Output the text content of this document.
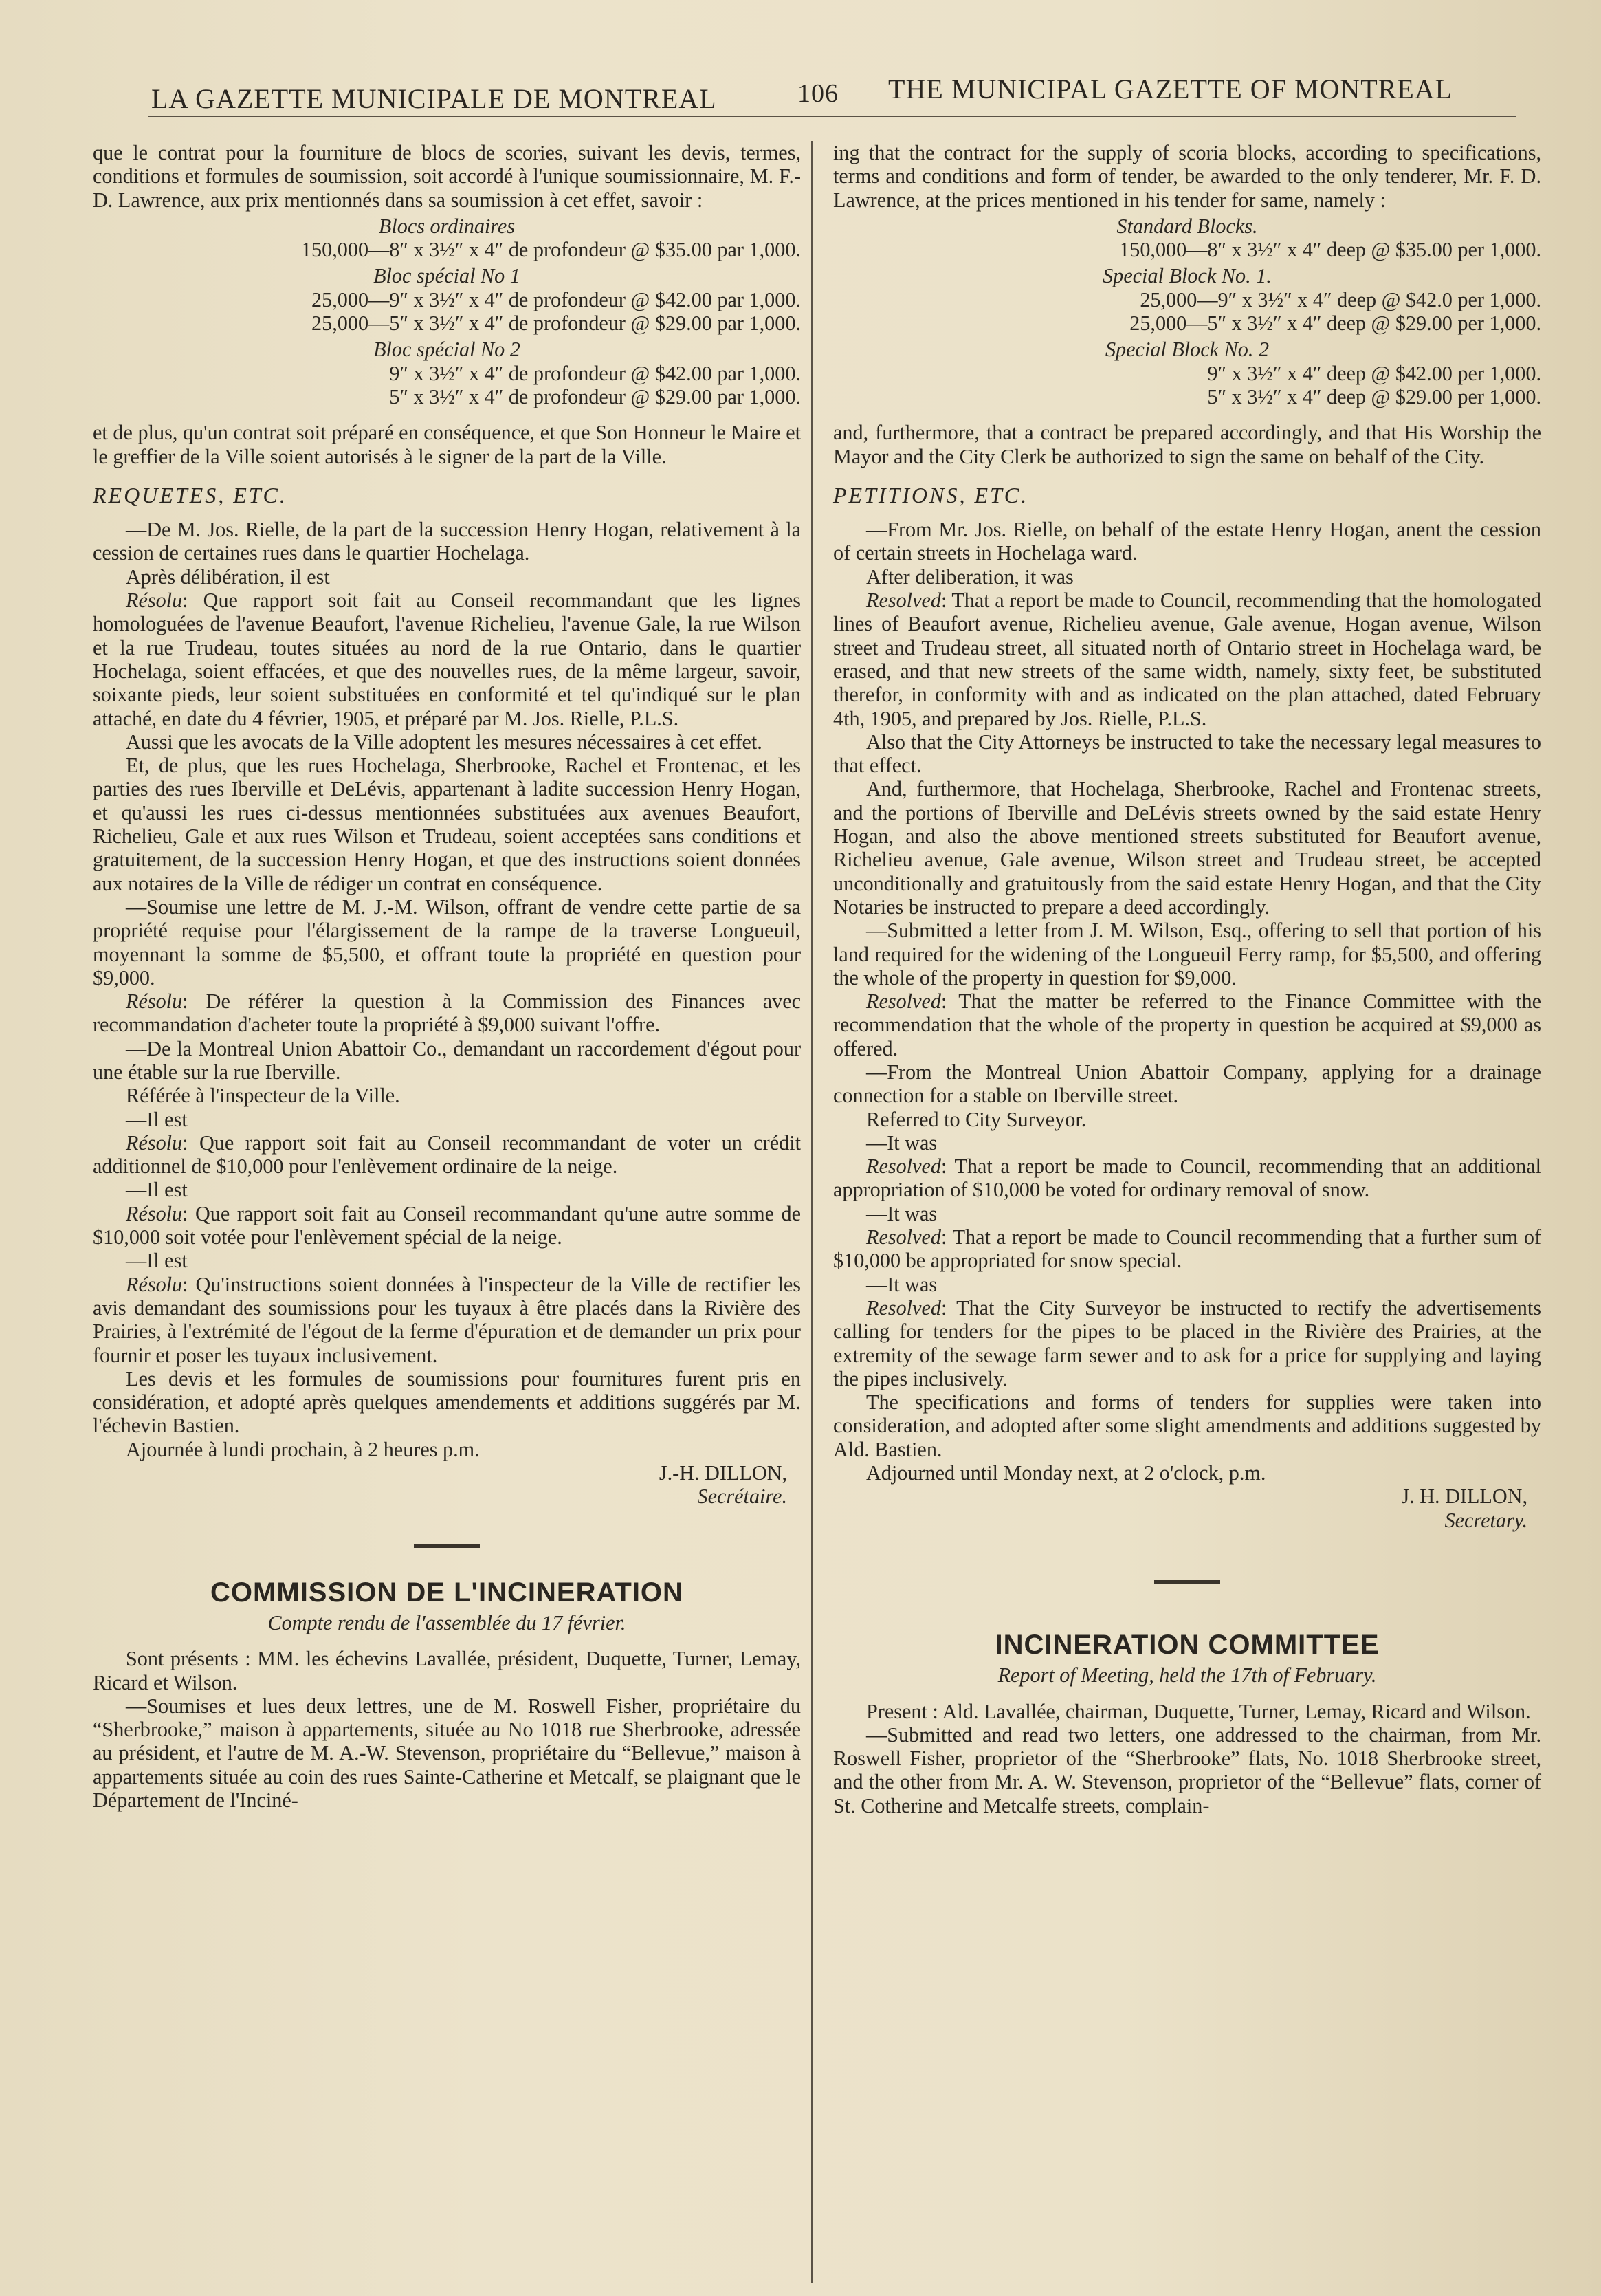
LA GAZETTE MUNICIPALE DE MONTREAL	106 THE MUNICIPAL GAZETTE OF MONTREAL

que le contrat pour la fourniture de blocs de scories, suivant les devis, termes, conditions et formules de soumission, soit accordé à l'unique soumissionnaire, M. F.-D. Lawrence, aux prix mentionnés dans sa soumission à cet effet, savoir :

Blocs ordinaires

150,000—8″ x 3½″ x 4″ de profondeur @ $35.00 par 1,000.

Bloc spécial No 1

25,000—9″ x 3½″ x 4″ de profondeur @ $42.00 par 1,000.

25,000—5″ x 3½″ x 4″ de profondeur @ $29.00 par 1,000.

Bloc spécial No 2

9″ x 3½″ x 4″ de profondeur @ $42.00 par 1,000.

5″ x 3½″ x 4″ de profondeur @ $29.00 par 1,000.

et de plus, qu'un contrat soit préparé en conséquence, et que Son Honneur le Maire et le greffier de la Ville soient autorisés à le signer de la part de la Ville.

REQUETES, ETC.

—De M. Jos. Rielle, de la part de la succession Henry Hogan, relativement à la cession de certaines rues dans le quartier Hochelaga.

Après délibération, il est

Résolu: Que rapport soit fait au Conseil recommandant que les lignes homologuées de l'avenue Beaufort, l'avenue Richelieu, l'avenue Gale, la rue Wilson et la rue Trudeau, toutes situées au nord de la rue Ontario, dans le quartier Hochelaga, soient effacées, et que des nouvelles rues, de la même largeur, savoir, soixante pieds, leur soient substituées en conformité et tel qu'indiqué sur le plan attaché, en date du 4 février, 1905, et préparé par M. Jos. Rielle, P.L.S.

Aussi que les avocats de la Ville adoptent les mesures nécessaires à cet effet.

Et, de plus, que les rues Hochelaga, Sherbrooke, Rachel et Frontenac, et les parties des rues Iberville et DeLévis, appartenant à ladite succession Henry Hogan, et qu'aussi les rues ci-dessus mentionnées substituées aux avenues Beaufort, Richelieu, Gale et aux rues Wilson et Trudeau, soient acceptées sans conditions et gratuitement, de la succession Henry Hogan, et que des instructions soient données aux notaires de la Ville de rédiger un contrat en conséquence.

—Soumise une lettre de M. J.-M. Wilson, offrant de vendre cette partie de sa propriété requise pour l'élargissement de la rampe de la traverse Longueuil, moyennant la somme de $5,500, et offrant toute la propriété en question pour $9,000.

Résolu: De référer la question à la Commission des Finances avec recommandation d'acheter toute la propriété à $9,000 suivant l'offre.

—De la Montreal Union Abattoir Co., demandant un raccordement d'égout pour une étable sur la rue Iberville.

Référée à l'inspecteur de la Ville.

—Il est

Résolu: Que rapport soit fait au Conseil recommandant de voter un crédit additionnel de $10,000 pour l'enlèvement ordinaire de la neige.

—Il est

Résolu: Que rapport soit fait au Conseil recommandant qu'une autre somme de $10,000 soit votée pour l'enlèvement spécial de la neige.

—Il est

Résolu: Qu'instructions soient données à l'inspecteur de la Ville de rectifier les avis demandant des soumissions pour les tuyaux à être placés dans la Rivière des Prairies, à l'extrémité de l'égout de la ferme d'épuration et de demander un prix pour fournir et poser les tuyaux inclusivement.

Les devis et les formules de soumissions pour fournitures furent pris en considération, et adopté après quelques amendements et additions suggérés par M. l'échevin Bastien.

Ajournée à lundi prochain, à 2 heures p.m.

J.-H. DILLON,

Secrétaire.

COMMISSION DE L'INCINERATION

Compte rendu de l'assemblée du 17 février.

Sont présents : MM. les échevins Lavallée, président, Duquette, Turner, Lemay, Ricard et Wilson.

—Soumises et lues deux lettres, une de M. Roswell Fisher, propriétaire du “Sherbrooke,” maison à appartements, située au No 1018 rue Sherbrooke, adressée au président, et l'autre de M. A.-W. Stevenson, propriétaire du “Bellevue,” maison à appartements située au coin des rues Sainte-Catherine et Metcalf, se plaignant que le Département de l'Inciné-

ing that the contract for the supply of scoria blocks, according to specifications, terms and conditions and form of tender, be awarded to the only tenderer, Mr. F. D. Lawrence, at the prices mentioned in his tender for same, namely :

Standard Blocks.

150,000—8″ x 3½″ x 4″ deep @ $35.00 per 1,000.

Special Block No. 1.

25,000—9″ x 3½″ x 4″ deep @ $42.0 per 1,000.

25,000—5″ x 3½″ x 4″ deep @ $29.00 per 1,000.

Special Block No. 2

9″ x 3½″ x 4″ deep @ $42.00 per 1,000.

5″ x 3½″ x 4″ deep @ $29.00 per 1,000.

and, furthermore, that a contract be prepared accordingly, and that His Worship the Mayor and the City Clerk be authorized to sign the same on behalf of the City.

PETITIONS, ETC.

—From Mr. Jos. Rielle, on behalf of the estate Henry Hogan, anent the cession of certain streets in Hochelaga ward.

After deliberation, it was

Resolved: That a report be made to Council, recommending that the homologated lines of Beaufort avenue, Richelieu avenue, Gale avenue, Hogan avenue, Wilson street and Trudeau street, all situated north of Ontario street in Hochelaga ward, be erased, and that new streets of the same width, namely, sixty feet, be substituted therefor, in conformity with and as indicated on the plan attached, dated February 4th, 1905, and prepared by Jos. Rielle, P.L.S.

Also that the City Attorneys be instructed to take the necessary legal measures to that effect.

And, furthermore, that Hochelaga, Sherbrooke, Rachel and Frontenac streets, and the portions of Iberville and DeLévis streets owned by the said estate Henry Hogan, and also the above mentioned streets substituted for Beaufort avenue, Richelieu avenue, Gale avenue, Wilson street and Trudeau street, be accepted unconditionally and gratuitously from the said estate Henry Hogan, and that the City Notaries be instructed to prepare a deed accordingly.

—Submitted a letter from J. M. Wilson, Esq., offering to sell that portion of his land required for the widening of the Longueuil Ferry ramp, for $5,500, and offering the whole of the property in question for $9,000.

Resolved: That the matter be referred to the Finance Committee with the recommendation that the whole of the property in question be acquired at $9,000 as offered.

—From the Montreal Union Abattoir Company, applying for a drainage connection for a stable on Iberville street.

Referred to City Surveyor.

—It was

Resolved: That a report be made to Council, recommending that an additional appropriation of $10,000 be voted for ordinary removal of snow.

—It was

Resolved: That a report be made to Council recommending that a further sum of $10,000 be appropriated for snow special.

—It was

Resolved: That the City Surveyor be instructed to rectify the advertisements calling for tenders for the pipes to be placed in the Rivière des Prairies, at the extremity of the sewage farm sewer and to ask for a price for supplying and laying the pipes inclusively.

The specifications and forms of tenders for supplies were taken into consideration, and adopted after some slight amendments and additions suggested by Ald. Bastien.

Adjourned until Monday next, at 2 o'clock, p.m.

J. H. DILLON,

Secretary.

INCINERATION COMMITTEE

Report of Meeting, held the 17th of February.

Present : Ald. Lavallée, chairman, Duquette, Turner, Lemay, Ricard and Wilson.

—Submitted and read two letters, one addressed to the chairman, from Mr. Roswell Fisher, proprietor of the “Sherbrooke” flats, No. 1018 Sherbrooke street, and the other from Mr. A. W. Stevenson, proprietor of the “Bellevue” flats, corner of St. Cotherine and Metcalfe streets, complain-
